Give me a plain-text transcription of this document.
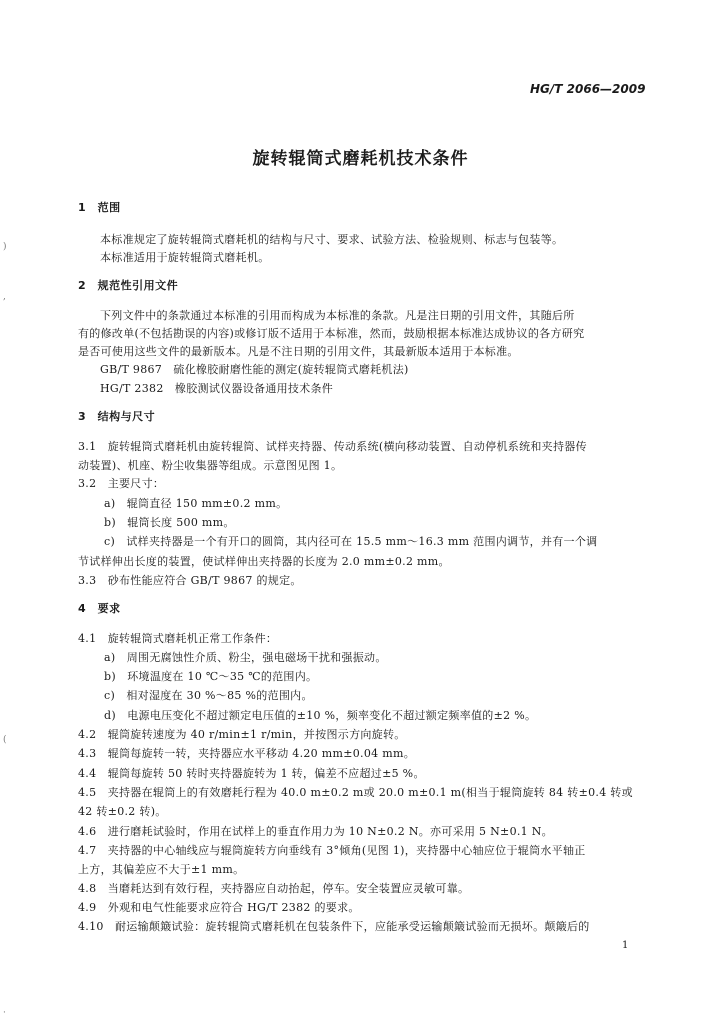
HG/T 2066—2009
旋转辊筒式磨耗机技术条件
1　范围
本标准规定了旋转辊筒式磨耗机的结构与尺寸、要求、试验方法、检验规则、标志与包装等。
本标准适用于旋转辊筒式磨耗机。
2　规范性引用文件
下列文件中的条款通过本标准的引用而构成为本标准的条款。凡是注日期的引用文件，其随后所
有的修改单(不包括勘误的内容)或修订版不适用于本标准，然而，鼓励根据本标准达成协议的各方研究
是否可使用这些文件的最新版本。凡是不注日期的引用文件，其最新版本适用于本标准。
GB/T 9867　硫化橡胶耐磨性能的测定(旋转辊筒式磨耗机法)
HG/T 2382　橡胶测试仪器设备通用技术条件
3　结构与尺寸
3.1　旋转辊筒式磨耗机由旋转辊筒、试样夹持器、传动系统(横向移动装置、自动停机系统和夹持器传
动装置)、机座、粉尘收集器等组成。示意图见图 1。
3.2　主要尺寸：
a)　辊筒直径 150 mm±0.2 mm。
b)　辊筒长度 500 mm。
c)　试样夹持器是一个有开口的圆筒，其内径可在 15.5 mm～16.3 mm 范围内调节，并有一个调
节试样伸出长度的装置，使试样伸出夹持器的长度为 2.0 mm±0.2 mm。
3.3　砂布性能应符合 GB/T 9867 的规定。
4　要求
4.1　旋转辊筒式磨耗机正常工作条件：
a)　周围无腐蚀性介质、粉尘，强电磁场干扰和强振动。
b)　环境温度在 10 ℃～35 ℃的范围内。
c)　相对湿度在 30 %～85 %的范围内。
d)　电源电压变化不超过额定电压值的±10 %，频率变化不超过额定频率值的±2 %。
4.2　辊筒旋转速度为 40 r/min±1 r/min，并按图示方向旋转。
4.3　辊筒每旋转一转，夹持器应水平移动 4.20 mm±0.04 mm。
4.4　辊筒每旋转 50 转时夹持器旋转为 1 转，偏差不应超过±5 %。
4.5　夹持器在辊筒上的有效磨耗行程为 40.0 m±0.2 m或 20.0 m±0.1 m(相当于辊筒旋转 84 转±0.4 转或
42 转±0.2 转)。
4.6　进行磨耗试验时，作用在试样上的垂直作用力为 10 N±0.2 N。亦可采用 5 N±0.1 N。
4.7　夹持器的中心轴线应与辊筒旋转方向垂线有 3°倾角(见图 1)，夹持器中心轴应位于辊筒水平轴正
上方，其偏差应不大于±1 mm。
4.8　当磨耗达到有效行程，夹持器应自动抬起，停车。安全装置应灵敏可靠。
4.9　外观和电气性能要求应符合 HG/T 2382 的要求。
4.10　耐运输颠簸试验：旋转辊筒式磨耗机在包装条件下，应能承受运输颠簸试验而无损坏。颠簸后的
1
)
,
(
·
